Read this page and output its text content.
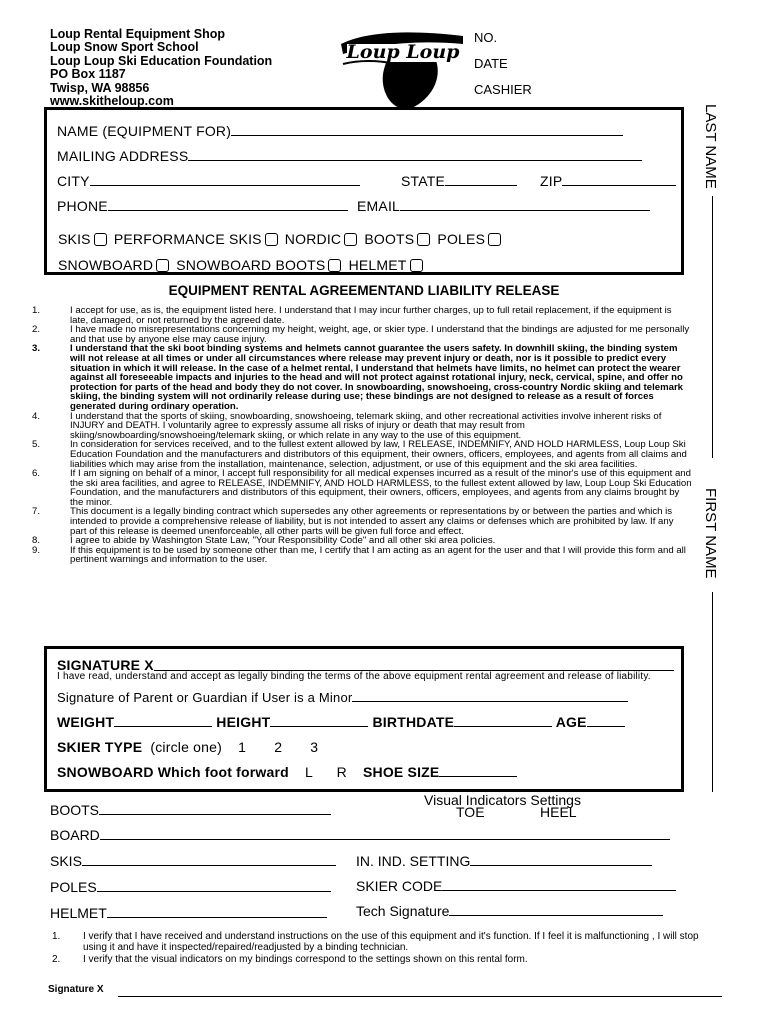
Loup Rental Equipment Shop
Loup Snow Sport School
Loup Loup Ski Education Foundation
PO Box 1187
Twisp, WA 98856
www.skitheloup.com
Loup Loup
NO.
DATE
CASHIER
NAME (EQUIPMENT FOR)
MAILING ADDRESS
CITY	STATE	ZIP
PHONE	EMAIL
SKIS PERFORMANCE SKIS NORDIC BOOTS POLES
SNOWBOARD SNOWBOARD BOOTS HELMET
LAST NAME
FIRST NAME
EQUIPMENT RENTAL AGREEMENTAND LIABILITY RELEASE
1.	I accept for use, as is, the equipment listed here. I understand that I may incur further charges, up to full retail replacement, if the equipment is late, damaged, or not returned by the agreed date.
2.	I have made no misrepresentations concerning my height, weight, age, or skier type. I understand that the bindings are adjusted for me personally and that use by anyone else may cause injury.
3.	I understand that the ski boot binding systems and helmets cannot guarantee the users safety. In downhill skiing, the binding system will not release at all times or under all circumstances where release may prevent injury or death, nor is it possible to predict every situation in which it will release. In the case of a helmet rental, I understand that helmets have limits, no helmet can protect the wearer against all foreseeable impacts and injuries to the head and will not protect against rotational injury, neck, cervical, spine, and offer no protection for parts of the head and body they do not cover. In snowboarding, snowshoeing, cross-country Nordic skiing and telemark skiing, the binding system will not ordinarily release during use; these bindings are not designed to release as a result of forces generated during ordinary operation.
4.	I understand that the sports of skiing, snowboarding, snowshoeing, telemark skiing, and other recreational activities involve inherent risks of INJURY and DEATH. I voluntarily agree to expressly assume all risks of injury or death that may result from skiing/snowboarding/snowshoeing/telemark skiing, or which relate in any way to the use of this equipment.
5.	In consideration for services received, and to the fullest extent allowed by law, I RELEASE, INDEMNIFY, AND HOLD HARMLESS, Loup Loup Ski Education Foundation and the manufacturers and distributors of this equipment, their owners, officers, employees, and agents from all claims and liabilities which may arise from the installation, maintenance, selection, adjustment, or use of this equipment and the ski area facilities.
6.	If I am signing on behalf of a minor, I accept full responsibility for all medical expenses incurred as a result of the minor's use of this equipment and the ski area facilities, and agree to RELEASE, INDEMNIFY, AND HOLD HARMLESS, to the fullest extent allowed by law, Loup Loup Ski Education Foundation, and the manufacturers and distributors of this equipment, their owners, officers, employees, and agents from any claims brought by the minor.
7.	This document is a legally binding contract which supersedes any other agreements or representations by or between the parties and which is intended to provide a comprehensive release of liability, but is not intended to assert any claims or defenses which are prohibited by law. If any part of this release is deemed unenforceable, all other parts will be given full force and effect.
8.	I agree to abide by Washington State Law, "Your Responsibility Code" and all other ski area policies.
9.	If this equipment is to be used by someone other than me, I certify that I am acting as an agent for the user and that I will provide this form and all pertinent warnings and information to the user.
SIGNATURE X
I have read, understand and accept as legally binding the terms of the above equipment rental agreement and release of liability.
Signature of Parent or Guardian if User is a Minor
WEIGHT	HEIGHT	BIRTHDATE	AGE
SKIER TYPE (circle one) 1 2 3
SNOWBOARD Which foot forward L R SHOE SIZE
BOOTS
Visual Indicators Settings
TOE	HEEL
BOARD
SKIS	IN. IND. SETTING
POLES	SKIER CODE
HELMET	Tech Signature
1. I verify that I have received and understand instructions on the use of this equipment and it's function. If I feel it is malfunctioning , I will stop using it and have it inspected/repaired/readjusted by a binding technician.
2. I verify that the visual indicators on my bindings correspond to the settings shown on this rental form.
Signature X
